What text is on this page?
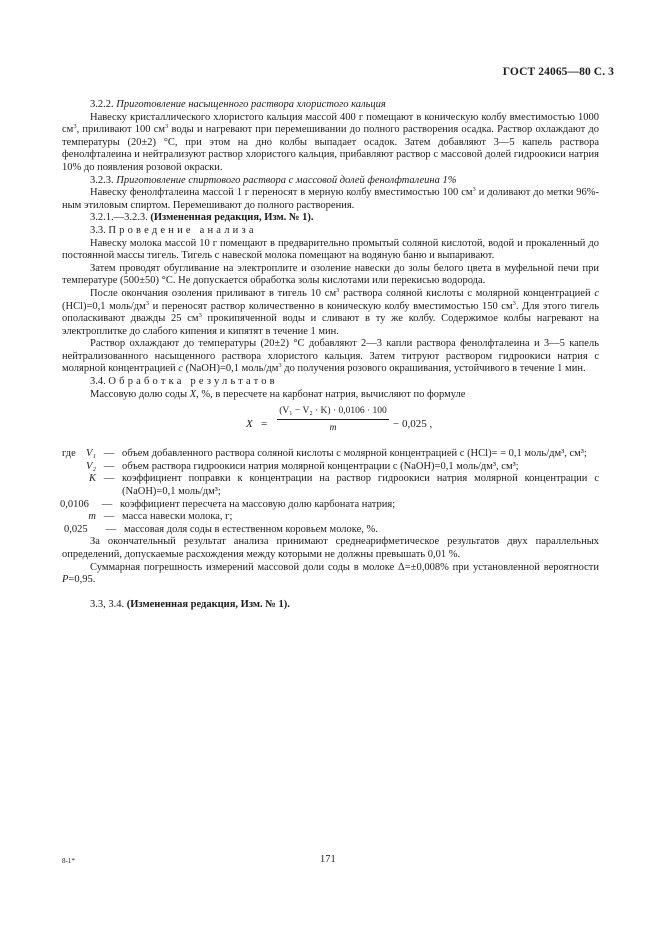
ГОСТ 24065—80 С. 3

3.2.2. Приготовление насыщенного раствора хлористого кальция

Навеску кристаллического хлористого кальция массой 400 г помещают в коническую колбу вместимостью 1000 $см^3$, приливают 100 $см^3$ воды и нагревают при перемешивании до полного растворения осадка. Раствор охлаждают до температуры (20±2) °С, при этом на дно колбы выпадает осадок. Затем добавляют 3—5 капель раствора фенолфталеина и нейтрализуют раствор хлористого кальция, прибавляют раствор с массовой долей гидроокиси натрия 10% до появления розовой окраски.

3.2.3. Приготовление спиртового раствора с массовой долей фенолфталеина 1%

Навеску фенолфталеина массой 1 г переносят в мерную колбу вместимостью 100 $см^3$ и доливают до метки 96%-ным этиловым спиртом. Перемешивают до полного растворения.

3.2.1.—3.2.3. (Измененная редакция, Изм. № 1).

3.3. Проведение анализа

Навеску молока массой 10 г помещают в предварительно промытый соляной кислотой, водой и прокаленный до постоянной массы тигель. Тигель с навеской молока помещают на водяную баню и выпаривают.

Затем проводят обугливание на электроплите и озоление навески до золы белого цвета в муфельной печи при температуре (500±50) °С. Не допускается обработка золы кислотами или перекисью водорода.

После окончания озоления приливают в тигель 10 $см^3$ раствора соляной кислоты с молярной концентрацией с (HCl)=0,1 моль/$дм^3$ и переносят раствор количественно в коническую колбу вместимостью 150 $см^3$. Для этого тигель ополаскивают дважды 25 $см^3$ прокипяченной воды и сливают в ту же колбу. Содержимое колбы нагревают на электроплитке до слабого кипения и кипятят в течение 1 мин.

Раствор охлаждают до температуры (20±2) °С добавляют 2—3 капли раствора фенолфталеина и 3—5 капель нейтрализованного насыщенного раствора хлористого кальция. Затем титруют раствором гидроокиси натрия с молярной концентрацией с (NaOH)=0,1 моль/$дм^3$ до получения розового окрашивания, устойчивого в течение 1 мин.

3.4. Обработка результатов

Массовую долю соды X, %, в пересчете на карбонат натрия, вычисляют по формуле

X =
(V₁ − V₂ · K) · 0,0106 · 100
m	− 0,025 ,
где V₁ — объем добавленного раствора соляной кислоты с молярной концентрацией c (HCl)= = 0,1 моль/дм³, см³;
V₂ — объем раствора гидроокиси натрия молярной концентрации c (NaOH)=0,1 моль/дм³, см³;
K — коэффициент поправки к концентрации на раствор гидроокиси натрия молярной концентрации c (NaOH)=0,1 моль/дм³;
0,0106	— коэффициент пересчета на массовую долю карбоната натрия;
m — масса навески молока, г;
0,025	— массовая доля соды в естественном коровьем молоке, %.

За окончательный результат анализа принимают среднеарифметическое результатов двух параллельных определений, допускаемые расхождения между которыми не должны превышать 0,01 %.

Суммарная погрешность измерений массовой доли соды в молоке Δ=±0,008% при установленной вероятности P=0,95.

3.3, 3.4. (Измененная редакция, Изм. № 1).

8-1*	171
